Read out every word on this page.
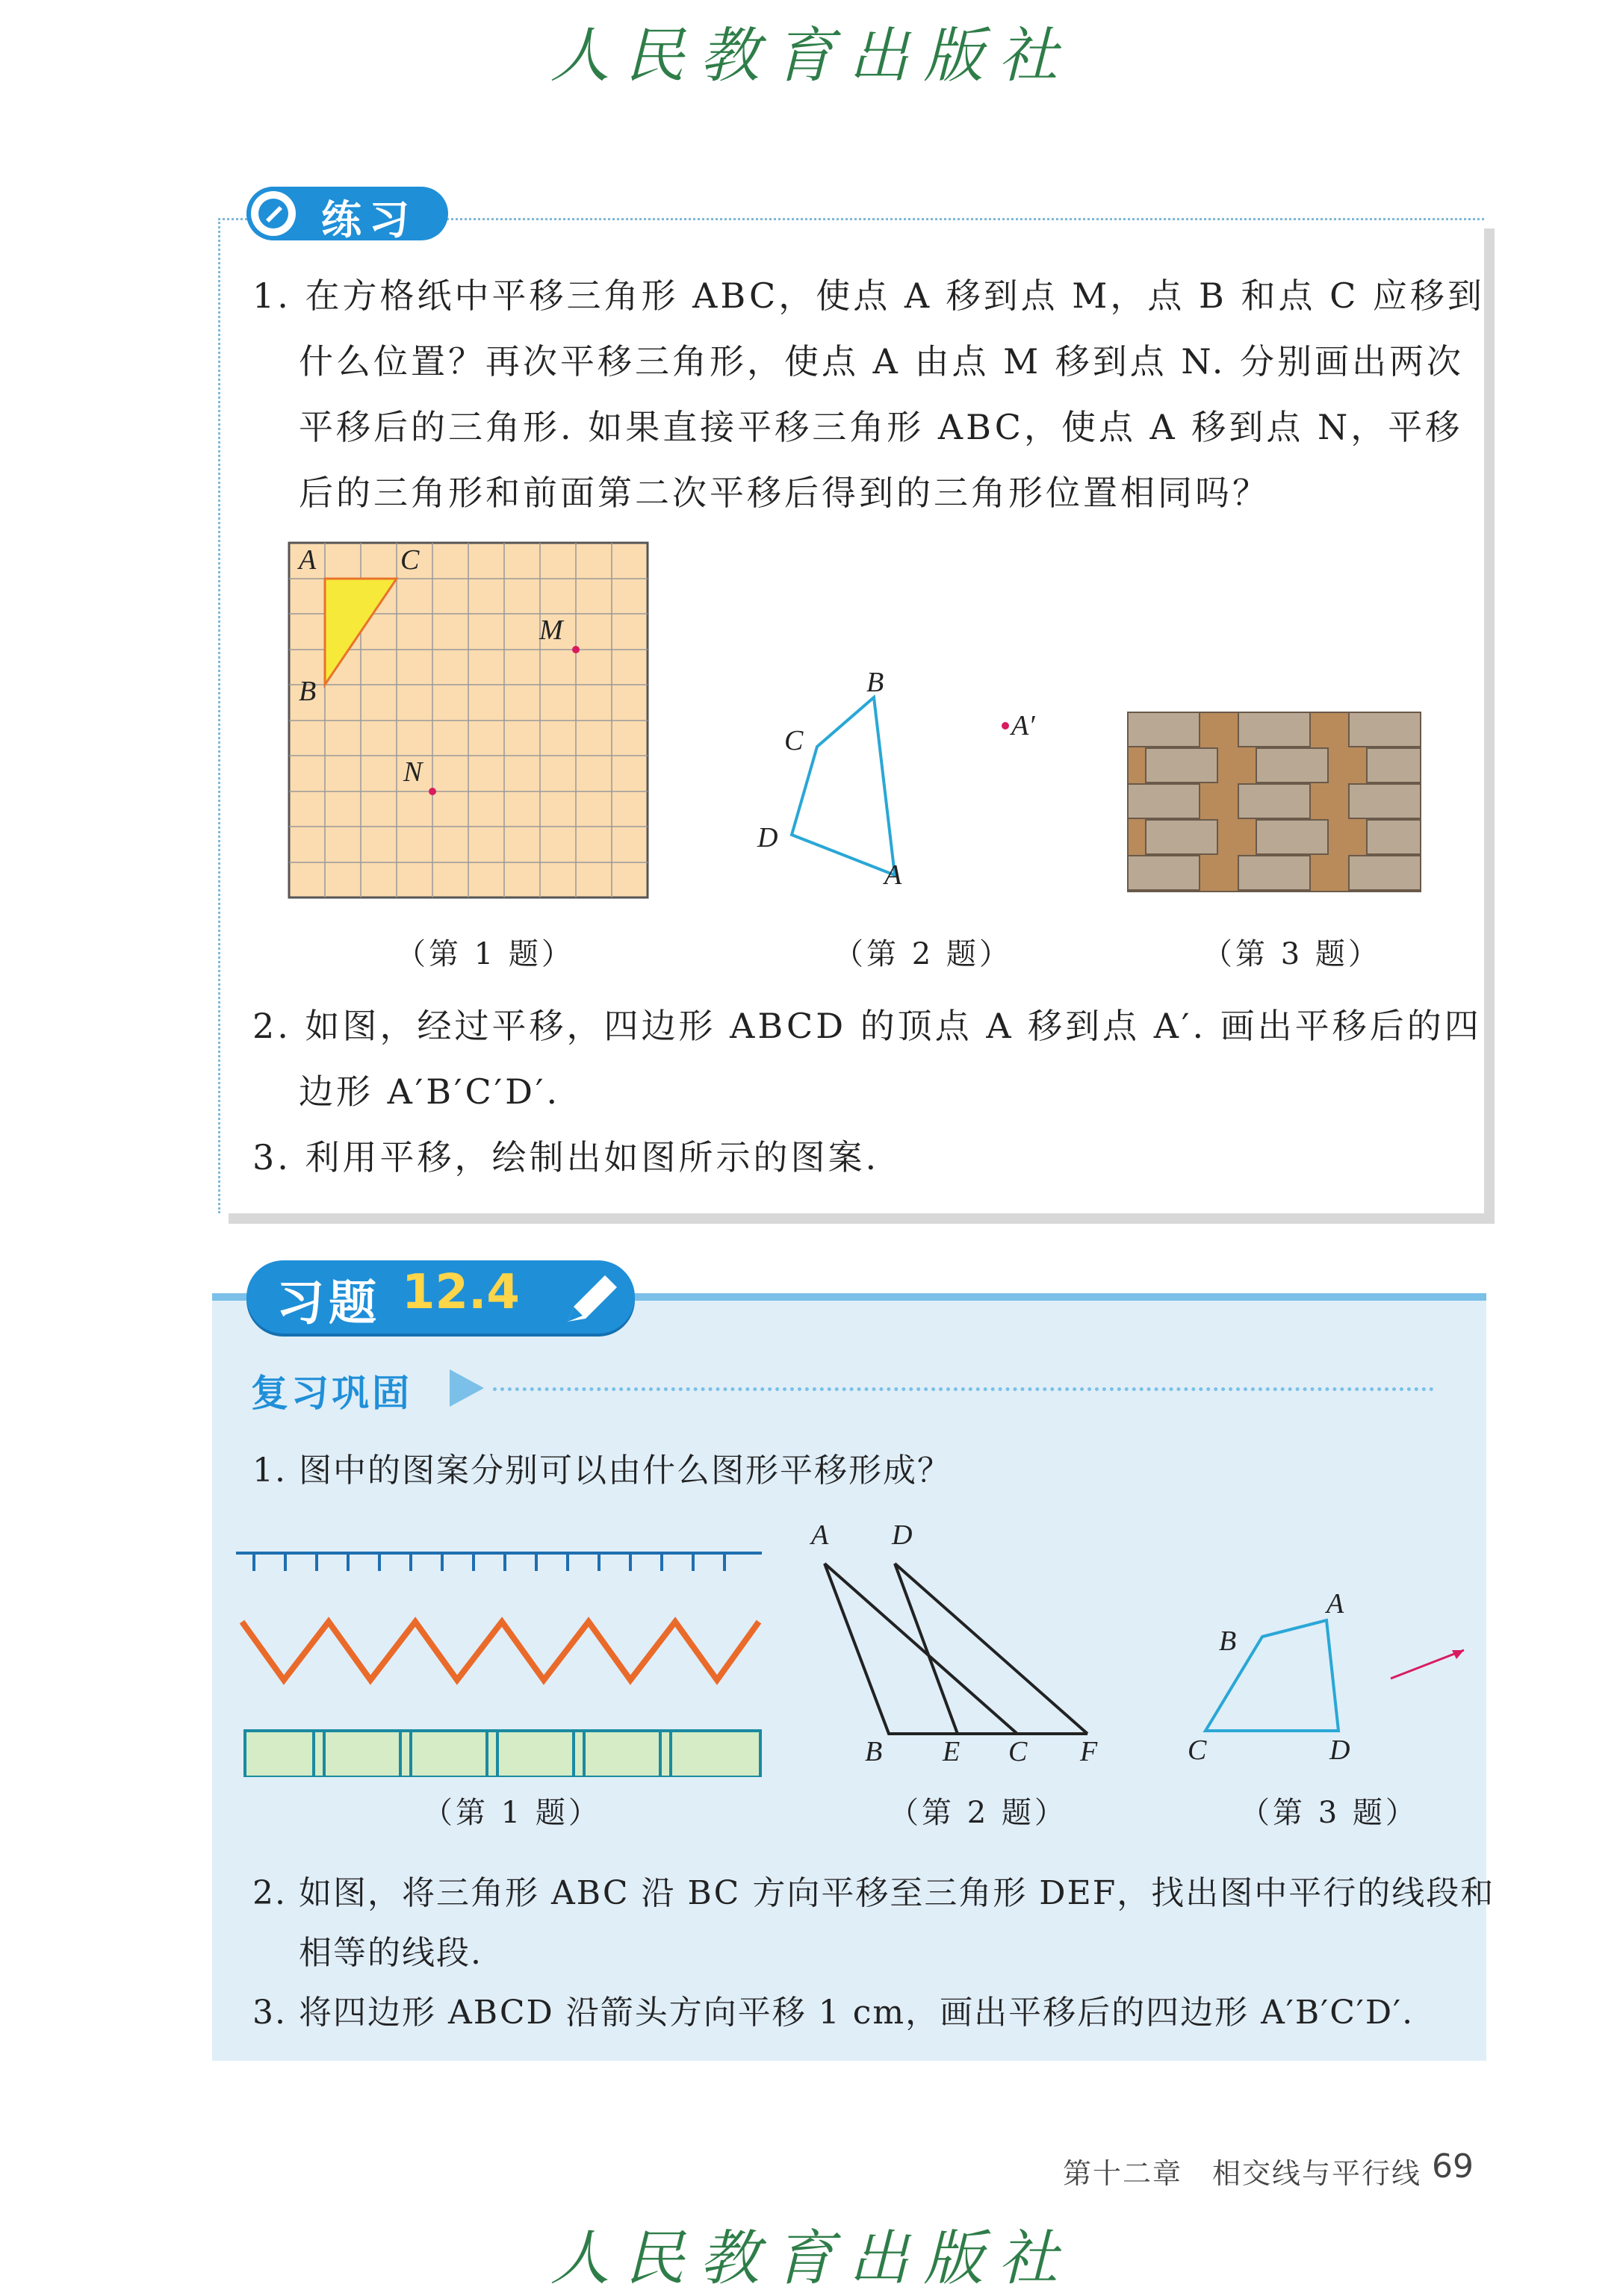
人民教育出版社
人民教育出版社
练习
1. 在方格纸中平移三角形 ABC，使点 A 移到点 M，点 B 和点 C 应移到
什么位置？再次平移三角形，使点 A 由点 M 移到点 N. 分别画出两次
平移后的三角形. 如果直接平移三角形 ABC，使点 A 移到点 N，平移
后的三角形和前面第二次平移后得到的三角形位置相同吗？
A	C
B
M
N
B
C
D
A
A′
（第 1 题）	（第 2 题）	（第 3 题）
2. 如图，经过平移，四边形 ABCD 的顶点 A 移到点 A′. 画出平移后的四
边形 A′B′C′D′.
3. 利用平移，绘制出如图所示的图案.
习题 12.4
复习巩固
1. 图中的图案分别可以由什么图形平移形成？
A D
B E C F
A
B
C	D
（第 1 题）	（第 2 题）	（第 3 题）
2. 如图，将三角形 ABC 沿 BC 方向平移至三角形 DEF，找出图中平行的线段和
相等的线段.
3. 将四边形 ABCD 沿箭头方向平移 1 cm，画出平移后的四边形 A′B′C′D′.
第十二章　相交线与平行线 69
